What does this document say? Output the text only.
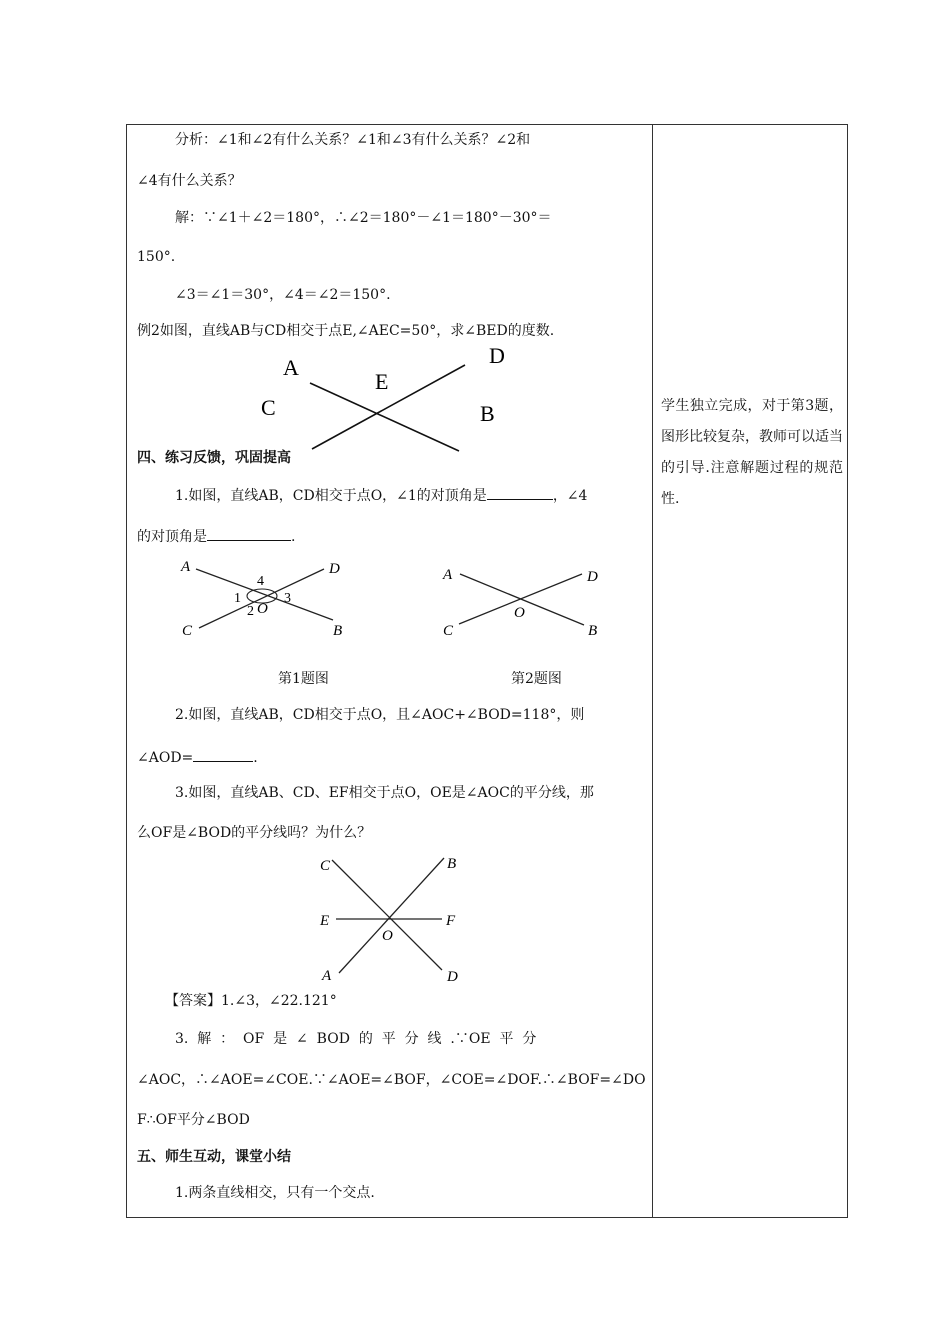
分析：∠1和∠2有什么关系？∠1和∠3有什么关系？∠2和
∠4有什么关系？
解：∵∠1＋∠2＝180°，∴∠2＝180°－∠1＝180°－30°＝
150°.
∠3＝∠1＝30°，∠4＝∠2＝150°.
例2如图，直线AB与CD相交于点E,∠AEC=50°，求∠BED的度数.
A
E
D
C	B
四、练习反馈，巩固提高
1.如图，直线AB，CD相交于点O，∠1的对顶角是	，∠4
的对顶角是	.
A	D
C	B
4
1	3
2 O
A	D
C	B
O
第1题图	第2题图
2.如图，直线AB，CD相交于点O，且∠AOC+∠BOD=118°，则
∠AOD=	.
3.如图，直线AB、CD、EF相交于点O，OE是∠AOC的平分线，那
么OF是∠BOD的平分线吗？为什么？
C	B
E	F
O
A	D
【答案】1.∠3，∠22.121°
3.  解  ：  OF  是  ∠  BOD  的  平  分  线  .∵OE  平  分
∠AOC，∴∠AOE=∠COE.∵∠AOE=∠BOF，∠COE=∠DOF.∴∠BOF=∠DO
F∴OF平分∠BOD
五、师生互动，课堂小结
1.两条直线相交，只有一个交点.
学生独立完成，对于第3题，图形比较复杂，教师可以适当的引导.注意解题过程的规范性.
